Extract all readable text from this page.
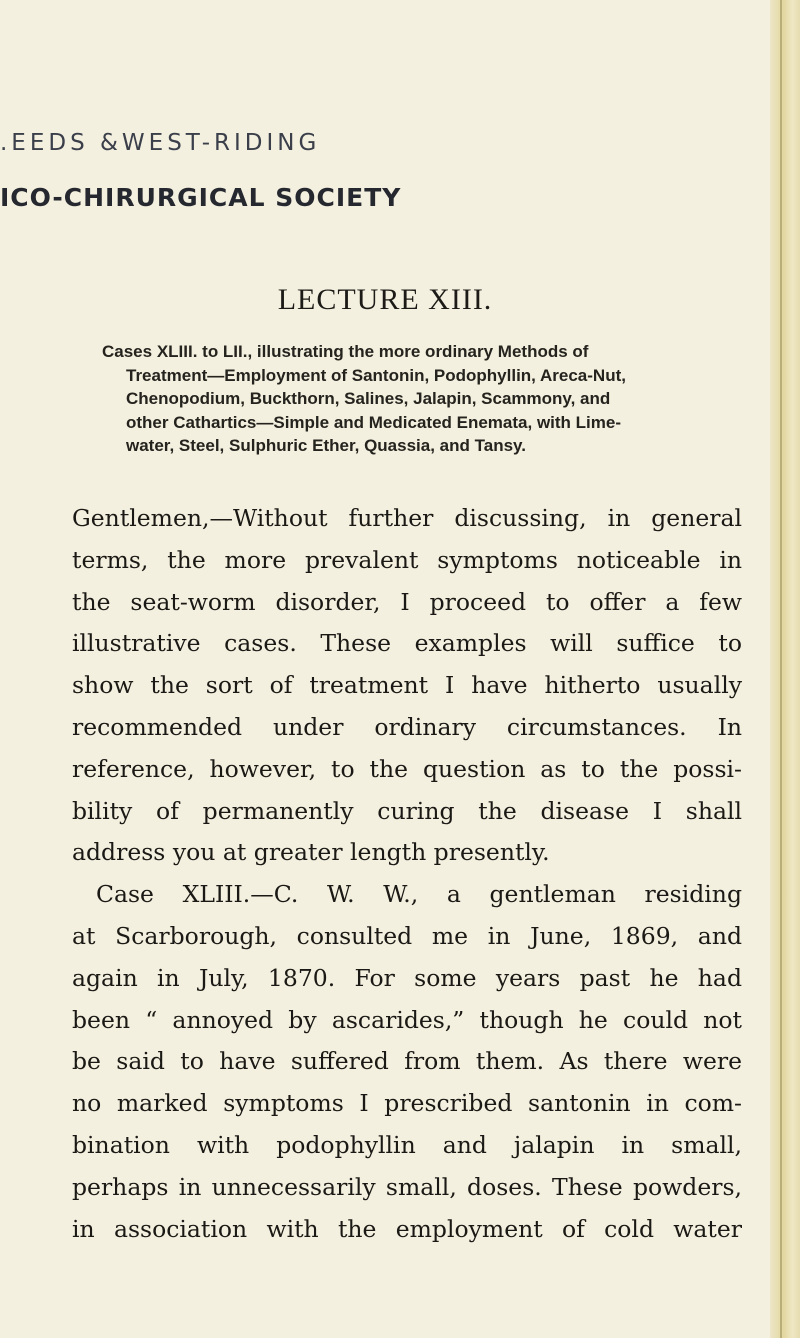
.EEDS &WEST-RIDING
ICO-CHIRURGICAL SOCIETY
LECTURE XIII.
Cases XLIII. to LII., illustrating the more ordinary Methods of
Treatment—Employment of Santonin, Podophyllin, Areca-Nut,
Chenopodium, Buckthorn, Salines, Jalapin, Scammony, and
other Cathartics—Simple and Medicated Enemata, with Lime-
water, Steel, Sulphuric Ether, Quassia, and Tansy.
Gentlemen,—Without further discussing, in general
terms, the more prevalent symptoms noticeable in
the seat-worm disorder, I proceed to offer a few
illustrative cases. These examples will suffice to
show the sort of treatment I have hitherto usually
recommended under ordinary circumstances. In
reference, however, to the question as to the possi-
bility of permanently curing the disease I shall
address you at greater length presently.
Case XLIII.—C. W. W., a gentleman residing
at Scarborough, consulted me in June, 1869, and
again in July, 1870. For some years past he had
been “ annoyed by ascarides,” though he could not
be said to have suffered from them. As there were
no marked symptoms I prescribed santonin in com-
bination with podophyllin and jalapin in small,
perhaps in unnecessarily small, doses. These powders,
in association with the employment of cold water
